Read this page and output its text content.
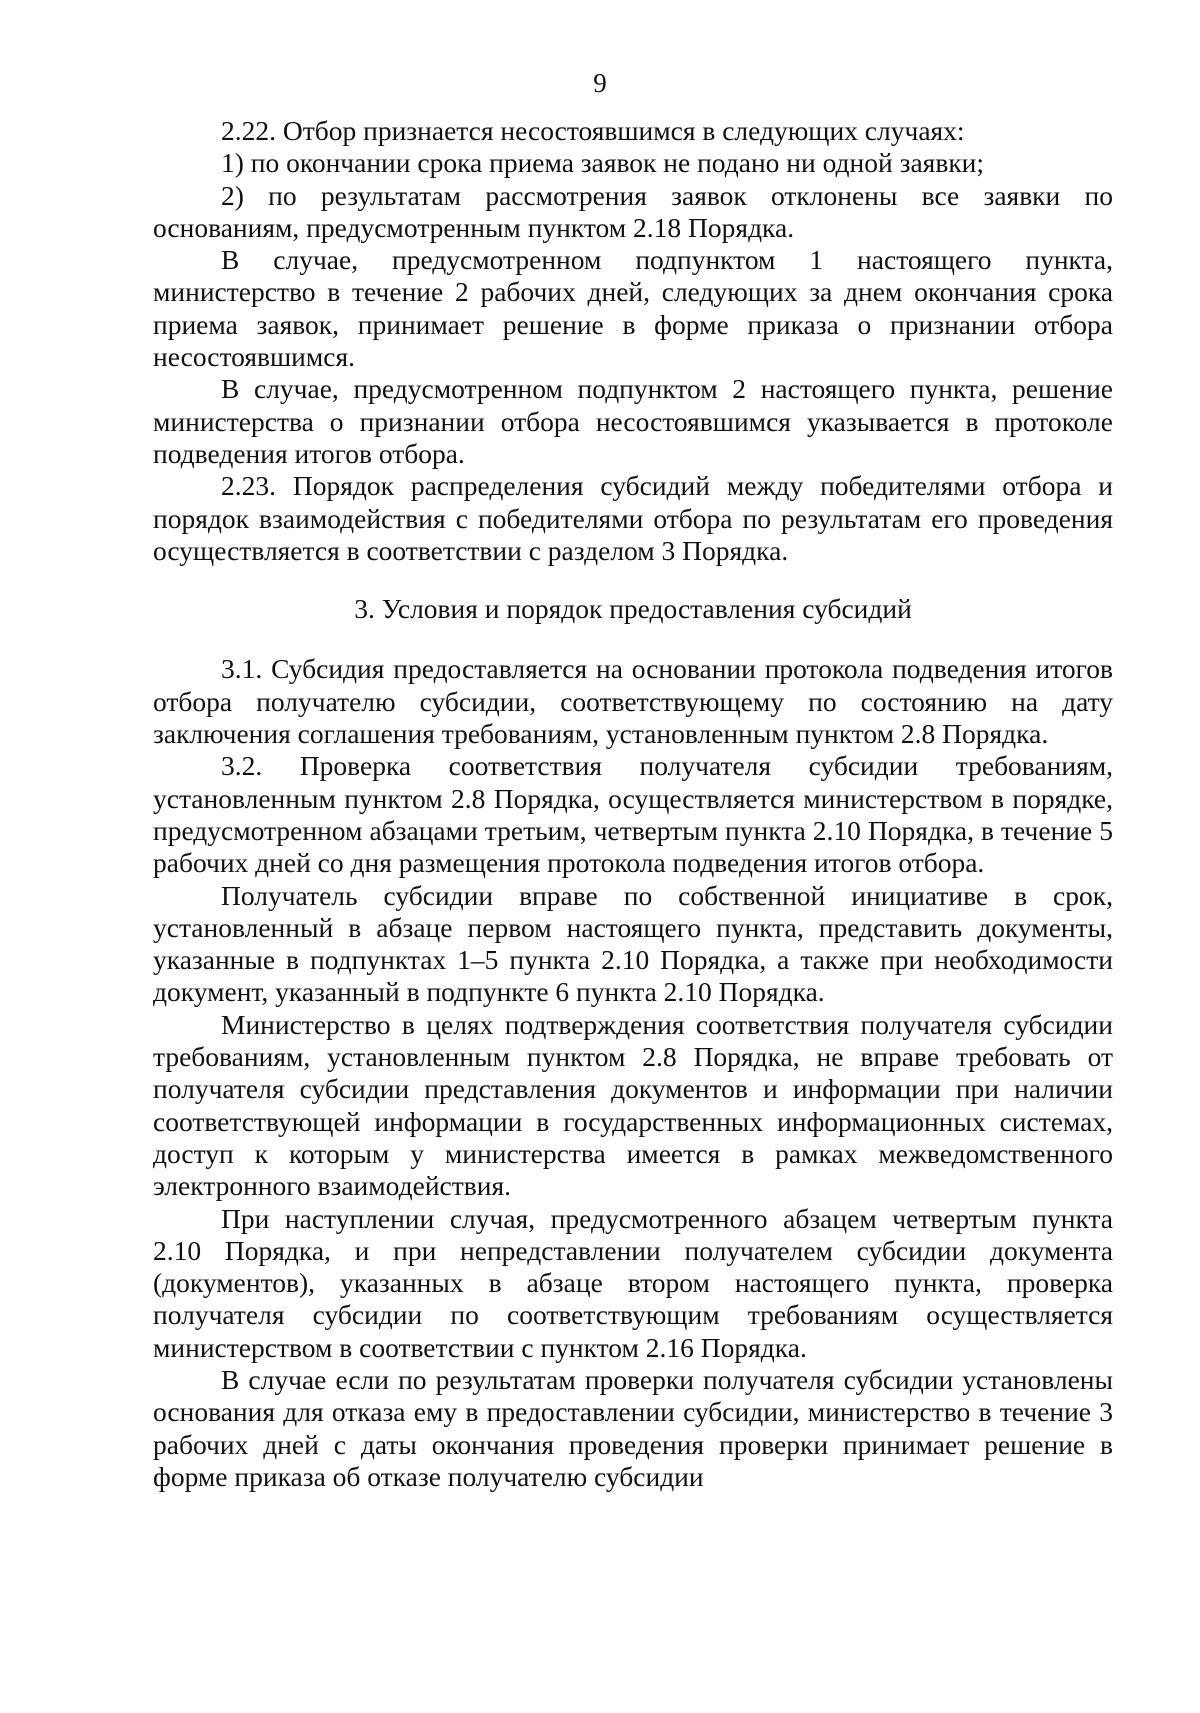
9

2.22. Отбор признается несостоявшимся в следующих случаях:

1) по окончании срока приема заявок не подано ни одной заявки;

2) по результатам рассмотрения заявок отклонены все заявки по основаниям, предусмотренным пунктом 2.18 Порядка.

В случае, предусмотренном подпунктом 1 настоящего пункта, министерство в течение 2 рабочих дней, следующих за днем окончания срока приема заявок, принимает решение в форме приказа о признании отбора несостоявшимся.

В случае, предусмотренном подпунктом 2 настоящего пункта, решение министерства о признании отбора несостоявшимся указывается в протоколе подведения итогов отбора.

2.23. Порядок распределения субсидий между победителями отбора и порядок взаимодействия с победителями отбора по результатам его проведения осуществляется в соответствии с разделом 3 Порядка.

3. Условия и порядок предоставления субсидий

3.1. Субсидия предоставляется на основании протокола подведения итогов отбора получателю субсидии, соответствующему по состоянию на дату заключения соглашения требованиям, установленным пунктом 2.8 Порядка.

3.2. Проверка соответствия получателя субсидии требованиям, установленным пунктом 2.8 Порядка, осуществляется министерством в порядке, предусмотренном абзацами третьим, четвертым пункта 2.10 Порядка, в течение 5 рабочих дней со дня размещения протокола подведения итогов отбора.

Получатель субсидии вправе по собственной инициативе в срок, установленный в абзаце первом настоящего пункта, представить документы, указанные в подпунктах 1–5 пункта 2.10 Порядка, а также при необходимости документ, указанный в подпункте 6 пункта 2.10 Порядка.

Министерство в целях подтверждения соответствия получателя субсидии требованиям, установленным пунктом 2.8 Порядка, не вправе требовать от получателя субсидии представления документов и информации при наличии соответствующей информации в государственных информационных системах, доступ к которым у министерства имеется в рамках межведомственного электронного взаимодействия.

При наступлении случая, предусмотренного абзацем четвертым пункта 2.10 Порядка, и при непредставлении получателем субсидии документа (документов), указанных в абзаце втором настоящего пункта, проверка получателя субсидии по соответствующим требованиям осуществляется министерством в соответствии с пунктом 2.16 Порядка.

В случае если по результатам проверки получателя субсидии установлены основания для отказа ему в предоставлении субсидии, министерство в течение 3 рабочих дней с даты окончания проведения проверки принимает решение в форме приказа об отказе получателю субсидии
